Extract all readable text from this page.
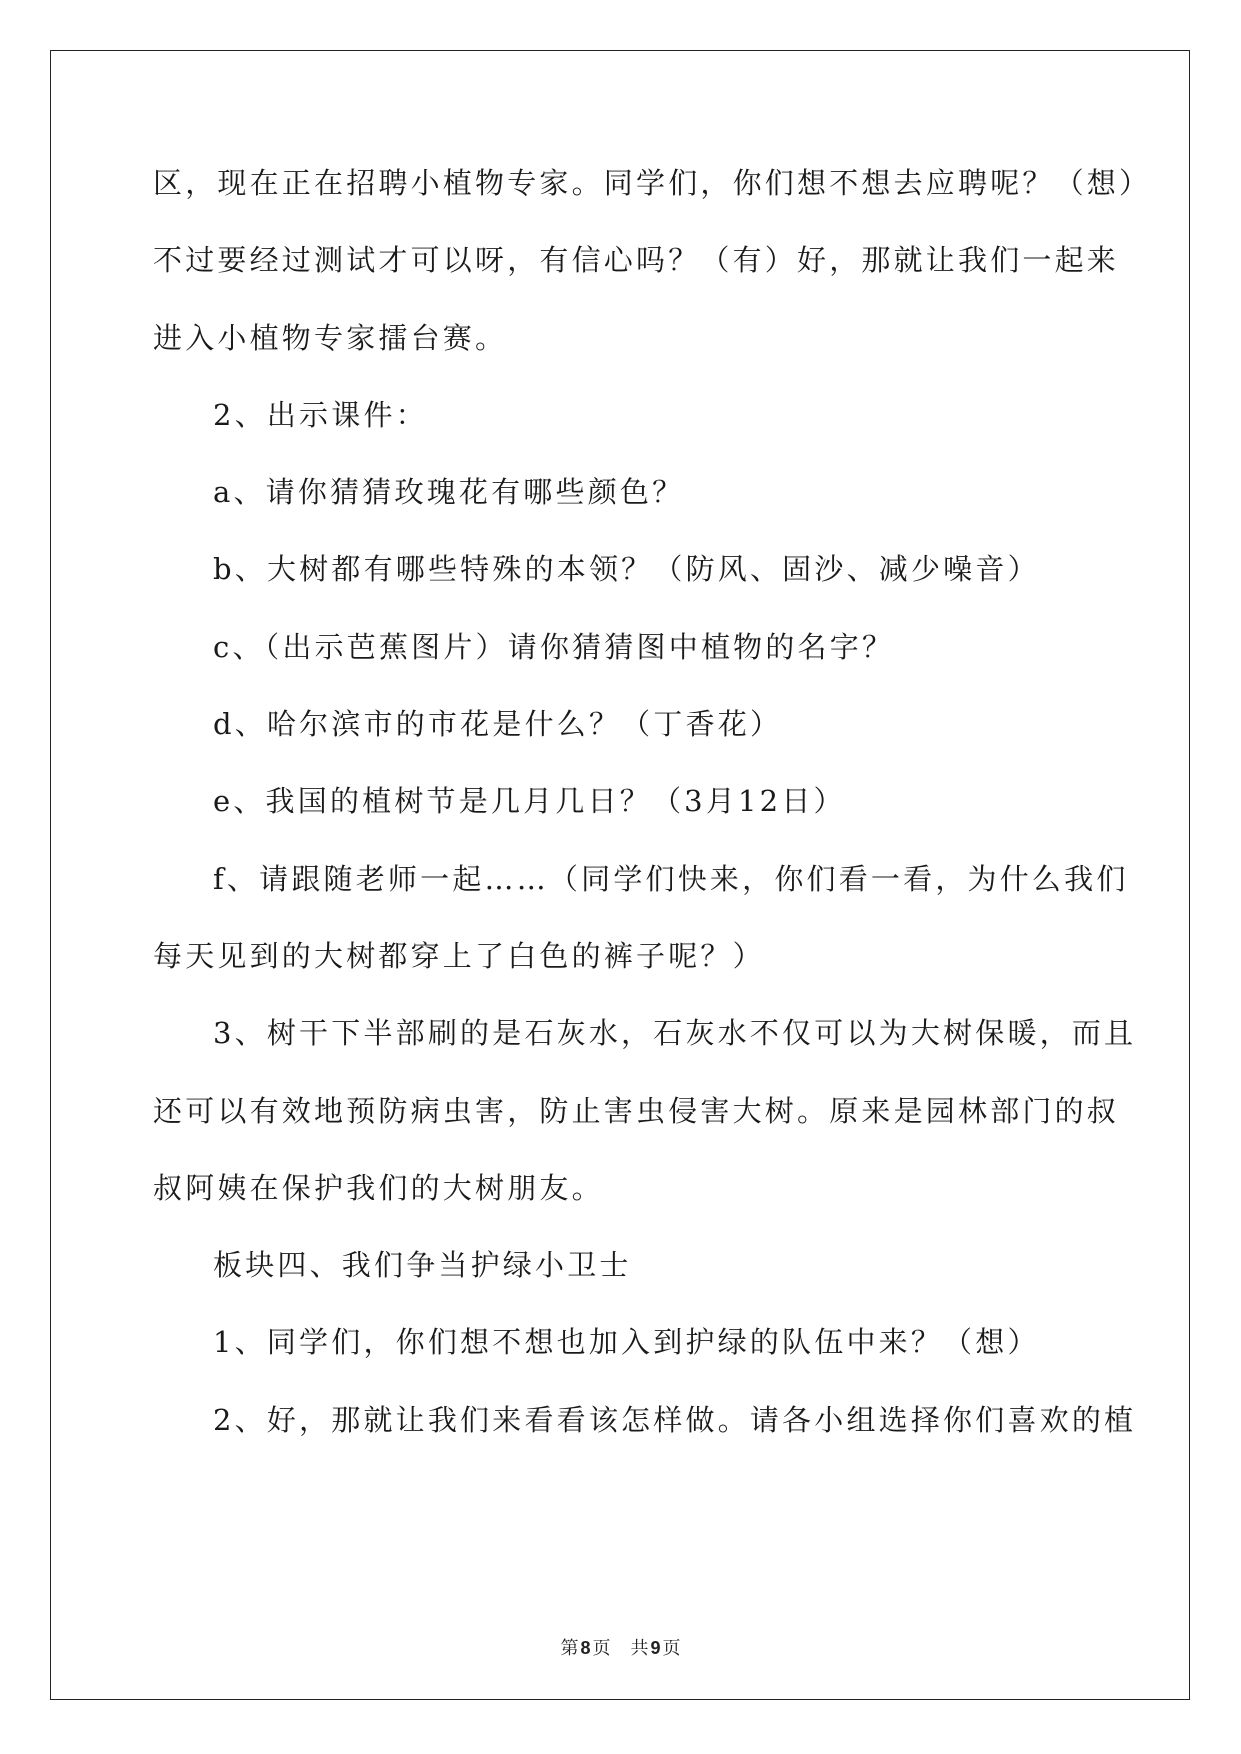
区，现在正在招聘小植物专家。同学们，你们想不想去应聘呢？（想）
不过要经过测试才可以呀，有信心吗？（有）好，那就让我们一起来
进入小植物专家擂台赛。
2、出示课件：
a、请你猜猜玫瑰花有哪些颜色？
b、大树都有哪些特殊的本领？（防风、固沙、减少噪音）
c、（出示芭蕉图片）请你猜猜图中植物的名字？
d、哈尔滨市的市花是什么？（丁香花）
e、我国的植树节是几月几日？（3月12日）
f、请跟随老师一起……（同学们快来，你们看一看，为什么我们
每天见到的大树都穿上了白色的裤子呢？）
3、树干下半部刷的是石灰水，石灰水不仅可以为大树保暖，而且
还可以有效地预防病虫害，防止害虫侵害大树。原来是园林部门的叔
叔阿姨在保护我们的大树朋友。
板块四、我们争当护绿小卫士
1、同学们，你们想不想也加入到护绿的队伍中来？（想）
2、好，那就让我们来看看该怎样做。请各小组选择你们喜欢的植
第 8 页 共 9 页
